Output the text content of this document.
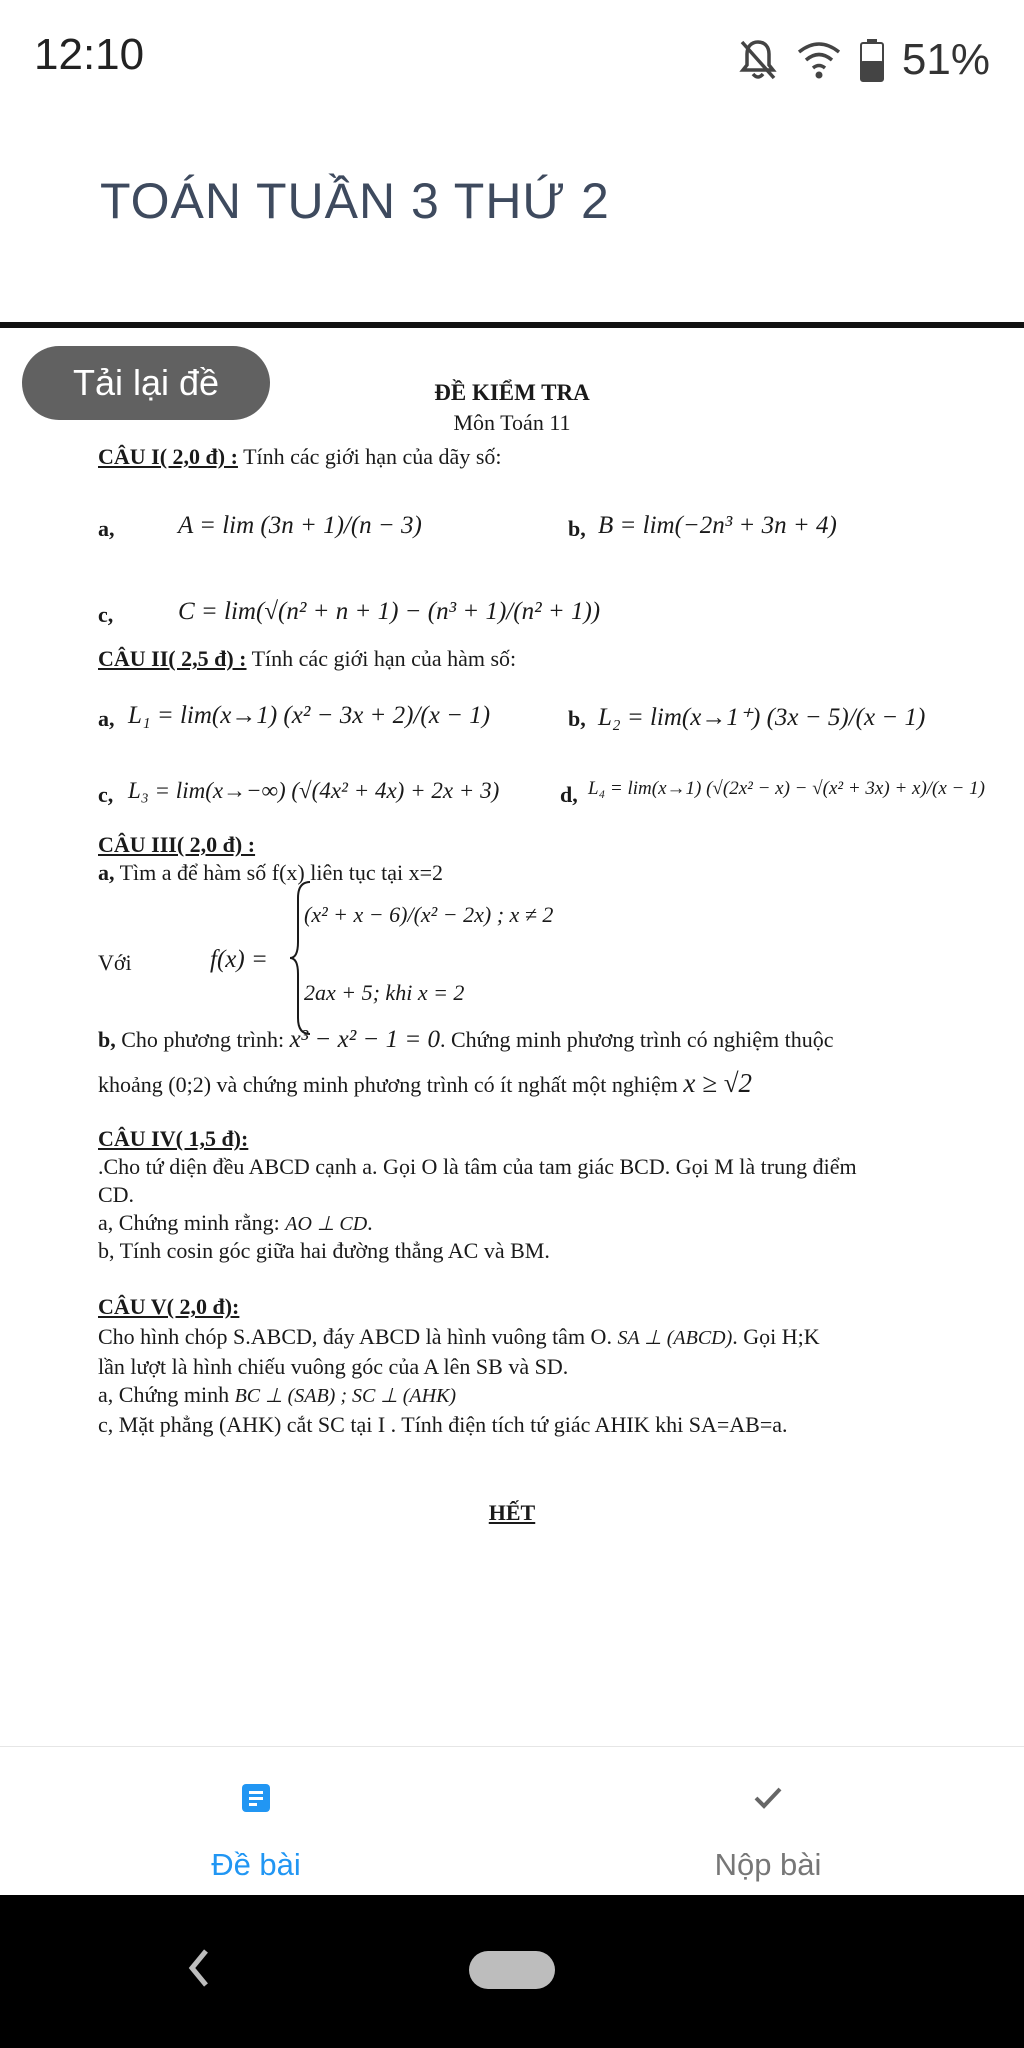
12:10	51%
TOÁN TUẦN 3 THỨ 2
ĐỀ KIỂM TRA
Môn Toán 11
CÂU I( 2,0 đ) : Tính các giới hạn của dãy số:
a,	A = lim (3n + 1)/(n − 3)	b, B = lim(−2n³ + 3n + 4)
c,	C = lim(√(n² + n + 1) − (n³ + 1)/(n² + 1))
CÂU II( 2,5 đ) : Tính các giới hạn của hàm số:
a, L₁ = lim(x→1) (x² − 3x + 2)/(x − 1)	b, L₂ = lim(x→1⁺) (3x − 5)/(x − 1)
c, L₃ = lim(x→−∞) (√(4x² + 4x) + 2x + 3)	d, L₄ = lim(x→1) (√(2x² − x) − √(x² + 3x) + x)/(x − 1)
CÂU III( 2,0 đ) :
a, Tìm a để hàm số f(x) liên tục tại x=2
Với	f(x) =
(x² + x − 6)/(x² − 2x) ; x ≠ 2
2ax + 5; khi x = 2
b, Cho phương trình: x³ − x² − 1 = 0. Chứng minh phương trình có nghiệm thuộc
khoảng (0;2) và chứng minh phương trình có ít nghất một nghiệm x ≥ √2
CÂU IV( 1,5 đ):
.Cho tứ diện đều ABCD cạnh a. Gọi O là tâm của tam giác BCD. Gọi M là trung điểm
CD.
a, Chứng minh rằng: AO ⊥ CD.
b, Tính cosin góc giữa hai đường thẳng AC và BM.
CÂU V( 2,0 đ):
Cho hình chóp S.ABCD, đáy ABCD là hình vuông tâm O. SA ⊥ (ABCD). Gọi H;K
lần lượt là hình chiếu vuông góc của A lên SB và SD.
a, Chứng minh BC ⊥ (SAB) ; SC ⊥ (AHK)
c, Mặt phẳng (AHK) cắt SC tại I . Tính điện tích tứ giác AHIK khi SA=AB=a.
HẾT
Tải lại đề
Đề bài	Nộp bài
